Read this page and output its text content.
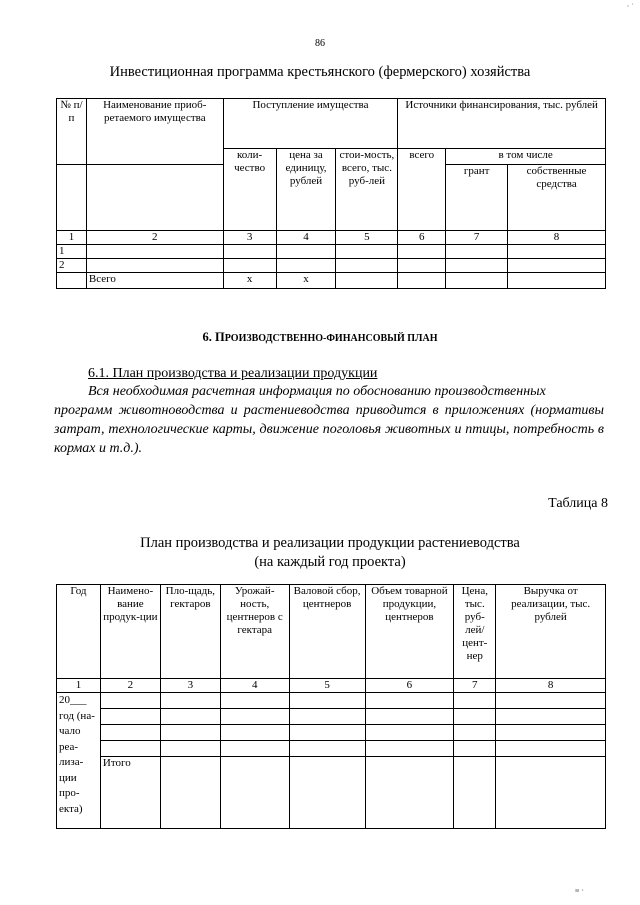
· ˙
86
Инвестиционная программа крестьянского (фермерского) хозяйства
№ п/п	Наименование приоб-ретаемого имущества	Поступление имущества			Источники финансирования, тыс. рублей		
		коли-чество	цена за единицу, рублей	стои-мость, всего, тыс. руб-лей	всего	в том числе	
						грант	собственные средства
1	2	3	4	5	6	7	8
1							
2							
	Всего	х	х				
6. ПРОИЗВОДСТВЕННО-ФИНАНСОВЫЙ ПЛАН
6.1. План производства и реализации продукции
Вся необходимая расчетная информация по обоснованию производственных
программ животноводства и растениеводства приводится в приложениях (нормативы затрат, технологические карты, движение поголовья животных и птицы, потребность в кормах и т.д.).
Таблица 8
План производства и реализации продукции растениеводства
(на каждый год проекта)
Год	Наимено-вание продук-ции	Пло-щадь, гектаров	Урожай-ность, центнеров с гектара	Валовой сбор, центнеров	Объем товарной продукции, центнеров	Цена, тыс. руб-лей/ цент-нер	Выручка от реализации, тыс. рублей
1	2	3	4	5	6	7	8
20___ год (на-чало реа-лиза-ции про-екта)							

	Итого						
≡ ·
